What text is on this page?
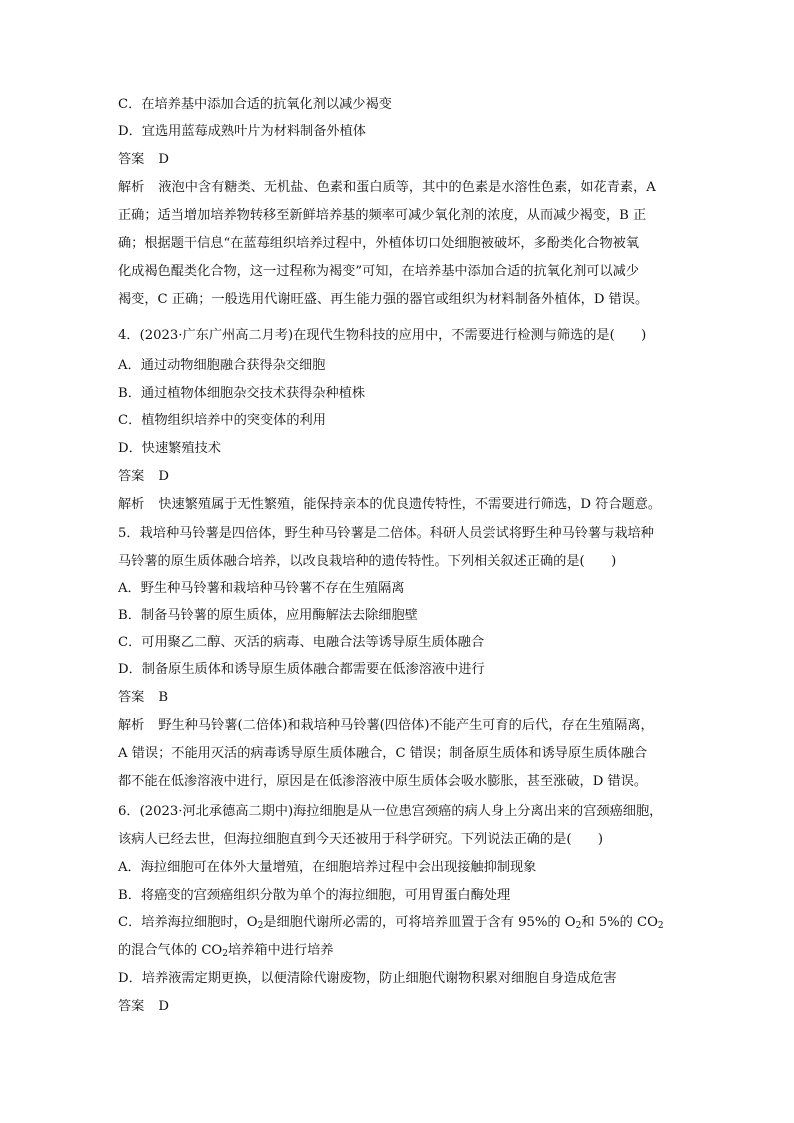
C．在培养基中添加合适的抗氧化剂以减少褐变
D．宜选用蓝莓成熟叶片为材料制备外植体
答案 D
解析 液泡中含有糖类、无机盐、色素和蛋白质等，其中的色素是水溶性色素，如花青素，A
正确；适当增加培养物转移至新鲜培养基的频率可减少氧化剂的浓度，从而减少褐变，B 正
确；根据题干信息“在蓝莓组织培养过程中，外植体切口处细胞被破坏，多酚类化合物被氧
化成褐色醌类化合物，这一过程称为褐变”可知，在培养基中添加合适的抗氧化剂可以减少
褐变，C 正确；一般选用代谢旺盛、再生能力强的器官或组织为材料制备外植体，D 错误。
4．(2023·广东广州高二月考)在现代生物科技的应用中，不需要进行检测与筛选的是(　　)
A．通过动物细胞融合获得杂交细胞
B．通过植物体细胞杂交技术获得杂种植株
C．植物组织培养中的突变体的利用
D．快速繁殖技术
答案 D
解析 快速繁殖属于无性繁殖，能保持亲本的优良遗传特性，不需要进行筛选，D 符合题意。
5．栽培种马铃薯是四倍体，野生种马铃薯是二倍体。科研人员尝试将野生种马铃薯与栽培种
马铃薯的原生质体融合培养，以改良栽培种的遗传特性。下列相关叙述正确的是(　　)
A．野生种马铃薯和栽培种马铃薯不存在生殖隔离
B．制备马铃薯的原生质体，应用酶解法去除细胞壁
C．可用聚乙二醇、灭活的病毒、电融合法等诱导原生质体融合
D．制备原生质体和诱导原生质体融合都需要在低渗溶液中进行
答案 B
解析 野生种马铃薯(二倍体)和栽培种马铃薯(四倍体)不能产生可育的后代，存在生殖隔离，
A 错误；不能用灭活的病毒诱导原生质体融合，C 错误；制备原生质体和诱导原生质体融合
都不能在低渗溶液中进行，原因是在低渗溶液中原生质体会吸水膨胀，甚至涨破，D 错误。
6．(2023·河北承德高二期中)海拉细胞是从一位患宫颈癌的病人身上分离出来的宫颈癌细胞，
该病人已经去世，但海拉细胞直到今天还被用于科学研究。下列说法正确的是(　　)
A．海拉细胞可在体外大量增殖，在细胞培养过程中会出现接触抑制现象
B．将癌变的宫颈癌组织分散为单个的海拉细胞，可用胃蛋白酶处理
C．培养海拉细胞时，$O_2$是细胞代谢所必需的，可将培养皿置于含有 95%的 $O_2$和 5%的 $CO_2$
的混合气体的 $CO_2$培养箱中进行培养
D．培养液需定期更换，以便清除代谢废物，防止细胞代谢物积累对细胞自身造成危害
答案 D
